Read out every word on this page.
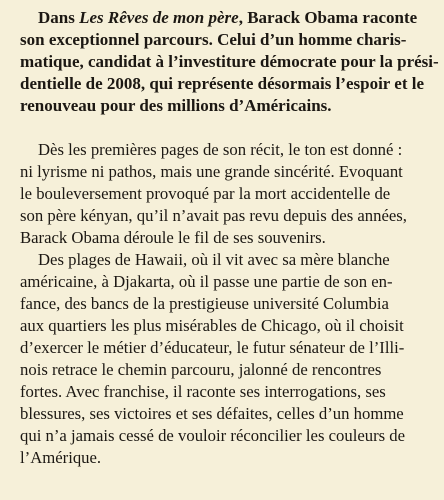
Dans Les Rêves de mon père, Barack Obama raconte
son exceptionnel parcours. Celui d’un homme charis-
matique, candidat à l’investiture démocrate pour la prési-
dentielle de 2008, qui représente désormais l’espoir et le
renouveau pour des millions d’Américains.

Dès les premières pages de son récit, le ton est donné :
ni lyrisme ni pathos, mais une grande sincérité. Evoquant
le bouleversement provoqué par la mort accidentelle de
son père kényan, qu’il n’avait pas revu depuis des années,
Barack Obama déroule le fil de ses souvenirs.

Des plages de Hawaii, où il vit avec sa mère blanche
américaine, à Djakarta, où il passe une partie de son en-
fance, des bancs de la prestigieuse université Columbia
aux quartiers les plus misérables de Chicago, où il choisit
d’exercer le métier d’éducateur, le futur sénateur de l’Illi-
nois retrace le chemin parcouru, jalonné de rencontres
fortes. Avec franchise, il raconte ses interrogations, ses
blessures, ses victoires et ses défaites, celles d’un homme
qui n’a jamais cessé de vouloir réconcilier les couleurs de
l’Amérique.
